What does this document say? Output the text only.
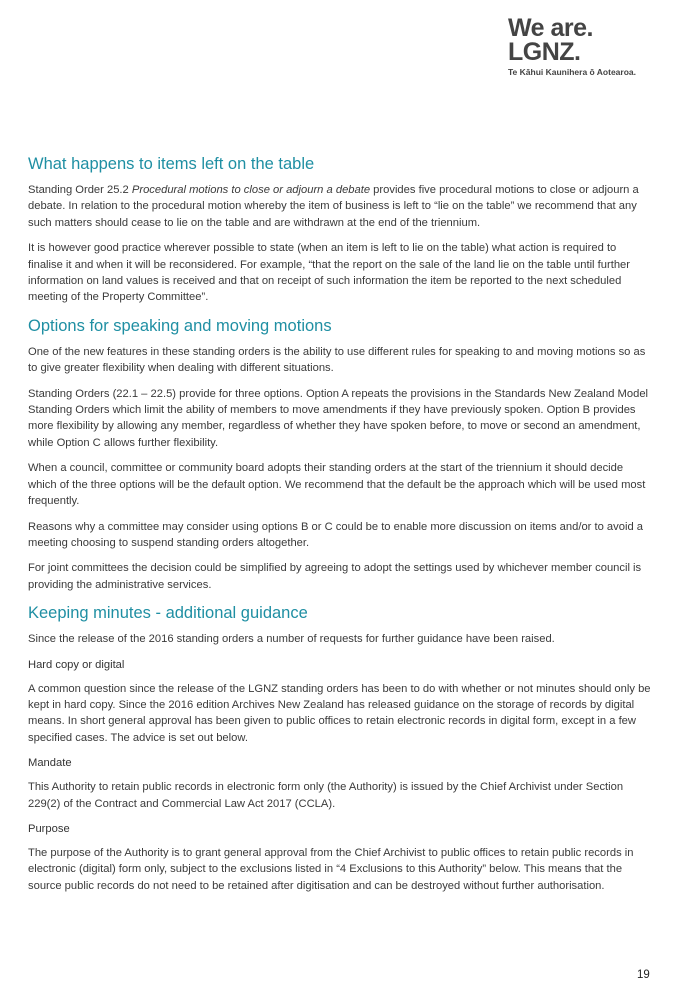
We are.
LGNZ.
Te Kāhui Kaunihera ō Aotearoa.
What happens to items left on the table

Standing Order 25.2 Procedural motions to close or adjourn a debate provides five procedural motions to close or adjourn a debate. In relation to the procedural motion whereby the item of business is left to “lie on the table” we recommend that any such matters should cease to lie on the table and are withdrawn at the end of the triennium.

It is however good practice wherever possible to state (when an item is left to lie on the table) what action is required to finalise it and when it will be reconsidered. For example, “that the report on the sale of the land lie on the table until further information on land values is received and that on receipt of such information the item be reported to the next scheduled meeting of the Property Committee”.

Options for speaking and moving motions

One of the new features in these standing orders is the ability to use different rules for speaking to and moving motions so as to give greater flexibility when dealing with different situations.

Standing Orders (22.1 – 22.5) provide for three options. Option A repeats the provisions in the Standards New Zealand Model Standing Orders which limit the ability of members to move amendments if they have previously spoken. Option B provides more flexibility by allowing any member, regardless of whether they have spoken before, to move or second an amendment, while Option C allows further flexibility.

When a council, committee or community board adopts their standing orders at the start of the triennium it should decide which of the three options will be the default option. We recommend that the default be the approach which will be used most frequently.

Reasons why a committee may consider using options B or C could be to enable more discussion on items and/or to avoid a meeting choosing to suspend standing orders altogether.

For joint committees the decision could be simplified by agreeing to adopt the settings used by whichever member council is providing the administrative services.

Keeping minutes - additional guidance

Since the release of the 2016 standing orders a number of requests for further guidance have been raised.

Hard copy or digital

A common question since the release of the LGNZ standing orders has been to do with whether or not minutes should only be kept in hard copy. Since the 2016 edition Archives New Zealand has released guidance on the storage of records by digital means. In short general approval has been given to public offices to retain electronic records in digital form, except in a few specified cases. The advice is set out below.

Mandate

This Authority to retain public records in electronic form only (the Authority) is issued by the Chief Archivist under Section 229(2) of the Contract and Commercial Law Act 2017 (CCLA).

Purpose

The purpose of the Authority is to grant general approval from the Chief Archivist to public offices to retain public records in electronic (digital) form only, subject to the exclusions listed in “4 Exclusions to this Authority” below. This means that the source public records do not need to be retained after digitisation and can be destroyed without further authorisation.

19
